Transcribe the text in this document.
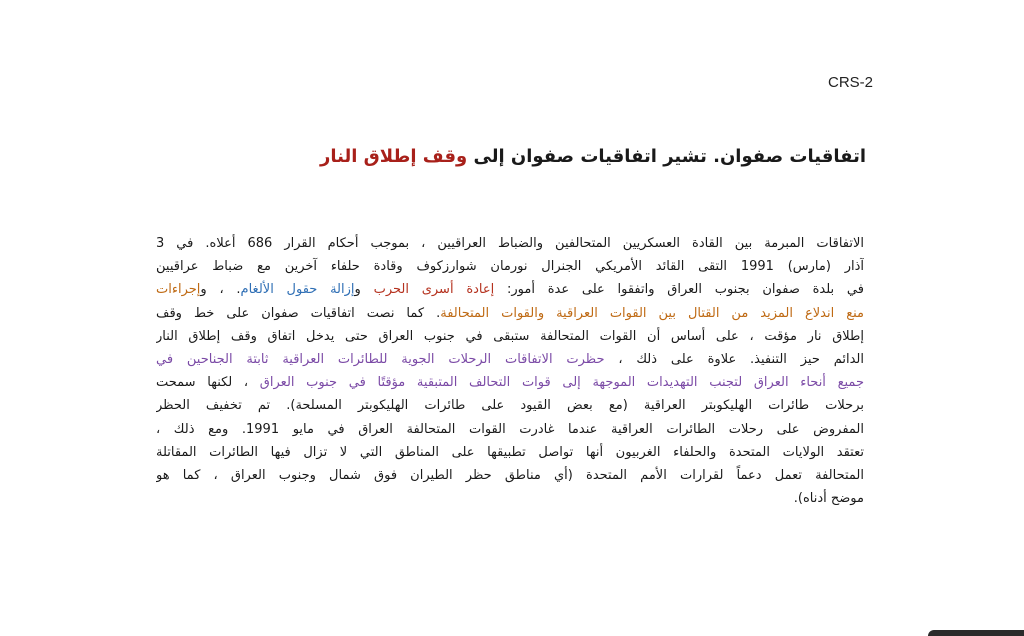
CRS-2
اتفاقيات صفوان. تشير اتفاقيات صفوان إلى وقف إطلاق النار
الاتفاقات المبرمة بين القادة العسكريين المتحالفين والضباط العراقيين ، بموجب أحكام القرار 686 أعلاه. في 3
آذار (مارس) 1991 التقى القائد الأمريكي الجنرال نورمان شوارزكوف وقادة حلفاء آخرين مع ضباط عراقيين
في بلدة صفوان بجنوب العراق واتفقوا على عدة أمور: إعادة أسرى الحرب وإزالة حقول الألغام. ، وإجراءات
منع اندلاع المزيد من القتال بين القوات العراقية والقوات المتحالفة. كما نصت اتفاقيات صفوان على خط وقف
إطلاق نار مؤقت ، على أساس أن القوات المتحالفة ستبقى في جنوب العراق حتى يدخل اتفاق وقف إطلاق النار
الدائم حيز التنفيذ. علاوة على ذلك ، حظرت الاتفاقات الرحلات الجوية للطائرات العراقية ثابتة الجناحين في
جميع أنحاء العراق لتجنب التهديدات الموجهة إلى قوات التحالف المتبقية مؤقتًا في جنوب العراق ، لكنها سمحت
برحلات طائرات الهليكوبتر العراقية (مع بعض القيود على طائرات الهليكوبتر المسلحة). تم تخفيف الحظر
المفروض على رحلات الطائرات العراقية عندما غادرت القوات المتحالفة العراق في مايو 1991. ومع ذلك ،
تعتقد الولايات المتحدة والحلفاء الغربيون أنها تواصل تطبيقها على المناطق التي لا تزال فيها الطائرات المقاتلة
المتحالفة تعمل دعماً لقرارات الأمم المتحدة (أي مناطق حظر الطيران فوق شمال وجنوب العراق ، كما هو
موضح أدناه).
